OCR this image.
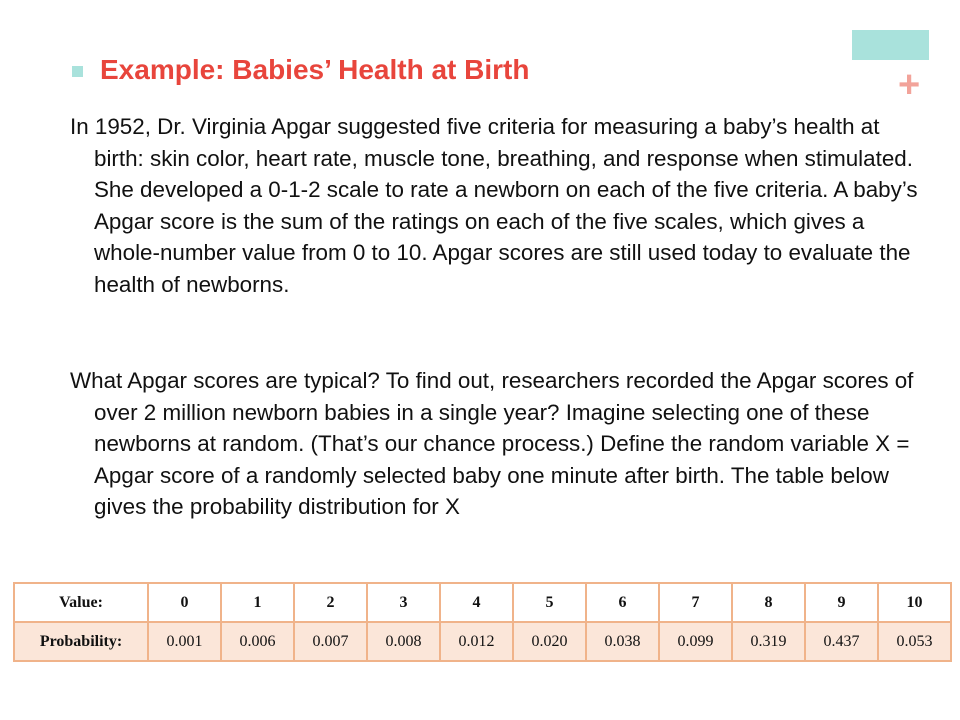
+
Example: Babies’ Health at Birth

In 1952, Dr. Virginia Apgar suggested five criteria for measuring a baby’s health at birth: skin color, heart rate, muscle tone, breathing, and response when stimulated. She developed a 0-1-2 scale to rate a newborn on each of the five criteria. A baby’s Apgar score is the sum of the ratings on each of the five scales, which gives a whole-number value from 0 to 10. Apgar scores are still used today to evaluate the health of newborns.

What Apgar scores are typical? To find out, researchers recorded the Apgar scores of over 2 million newborn babies in a single year? Imagine selecting one of these newborns at random. (That’s our chance process.) Define the random variable X = Apgar score of a randomly selected baby one minute after birth. The table below gives the probability distribution for X

Value:	0	1	2	3	4	5	6	7	8	9	10
Probability:	0.001	0.006	0.007	0.008	0.012	0.020	0.038	0.099	0.319	0.437	0.053
